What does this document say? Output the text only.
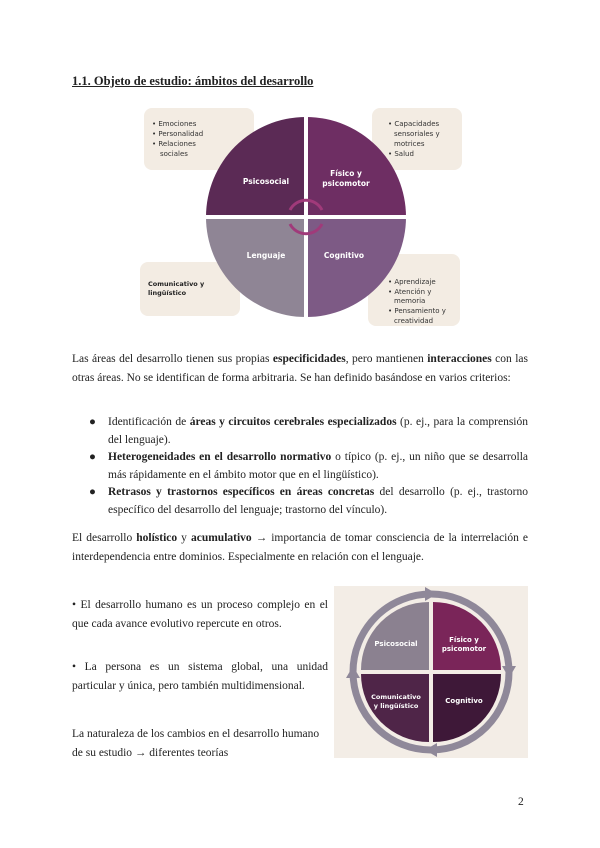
1.1. Objeto de estudio: ámbitos del desarrollo
Psicosocial
Físico y
psicomotor
Lenguaje	Cognitivo
• Emociones
• Personalidad
• Relaciones
sociales
• Capacidades
sensoriales y
motrices
• Salud
Comunicativo y
lingüístico
• Aprendizaje
• Atención y
memoria
• Pensamiento y
creatividad

Las áreas del desarrollo tienen sus propias especificidades, pero mantienen interacciones con las otras áreas. No se identifican de forma arbitraria. Se han definido basándose en varios criterios:

● Identificación de áreas y circuitos cerebrales especializados (p. ej., para la comprensión del lenguaje).
● Heterogeneidades en el desarrollo normativo o típico (p. ej., un niño que se desarrolla más rápidamente en el ámbito motor que en el lingüístico).
● Retrasos y trastornos específicos en áreas concretas del desarrollo (p. ej., trastorno específico del desarrollo del lenguaje; trastorno del vínculo).

El desarrollo holístico y acumulativo → importancia de tomar consciencia de la interrelación e interdependencia entre dominios. Especialmente en relación con el lenguaje.

• El desarrollo humano es un proceso complejo en el que cada avance evolutivo repercute en otros.

• La persona es un sistema global, una unidad particular y única, pero también multidimensional.

La naturaleza de los cambios en el desarrollo humano de su estudio → diferentes teorías

Psicosocial	Físico y
psicomotor
Comunicativo
y lingüístico
Cognitivo
2
